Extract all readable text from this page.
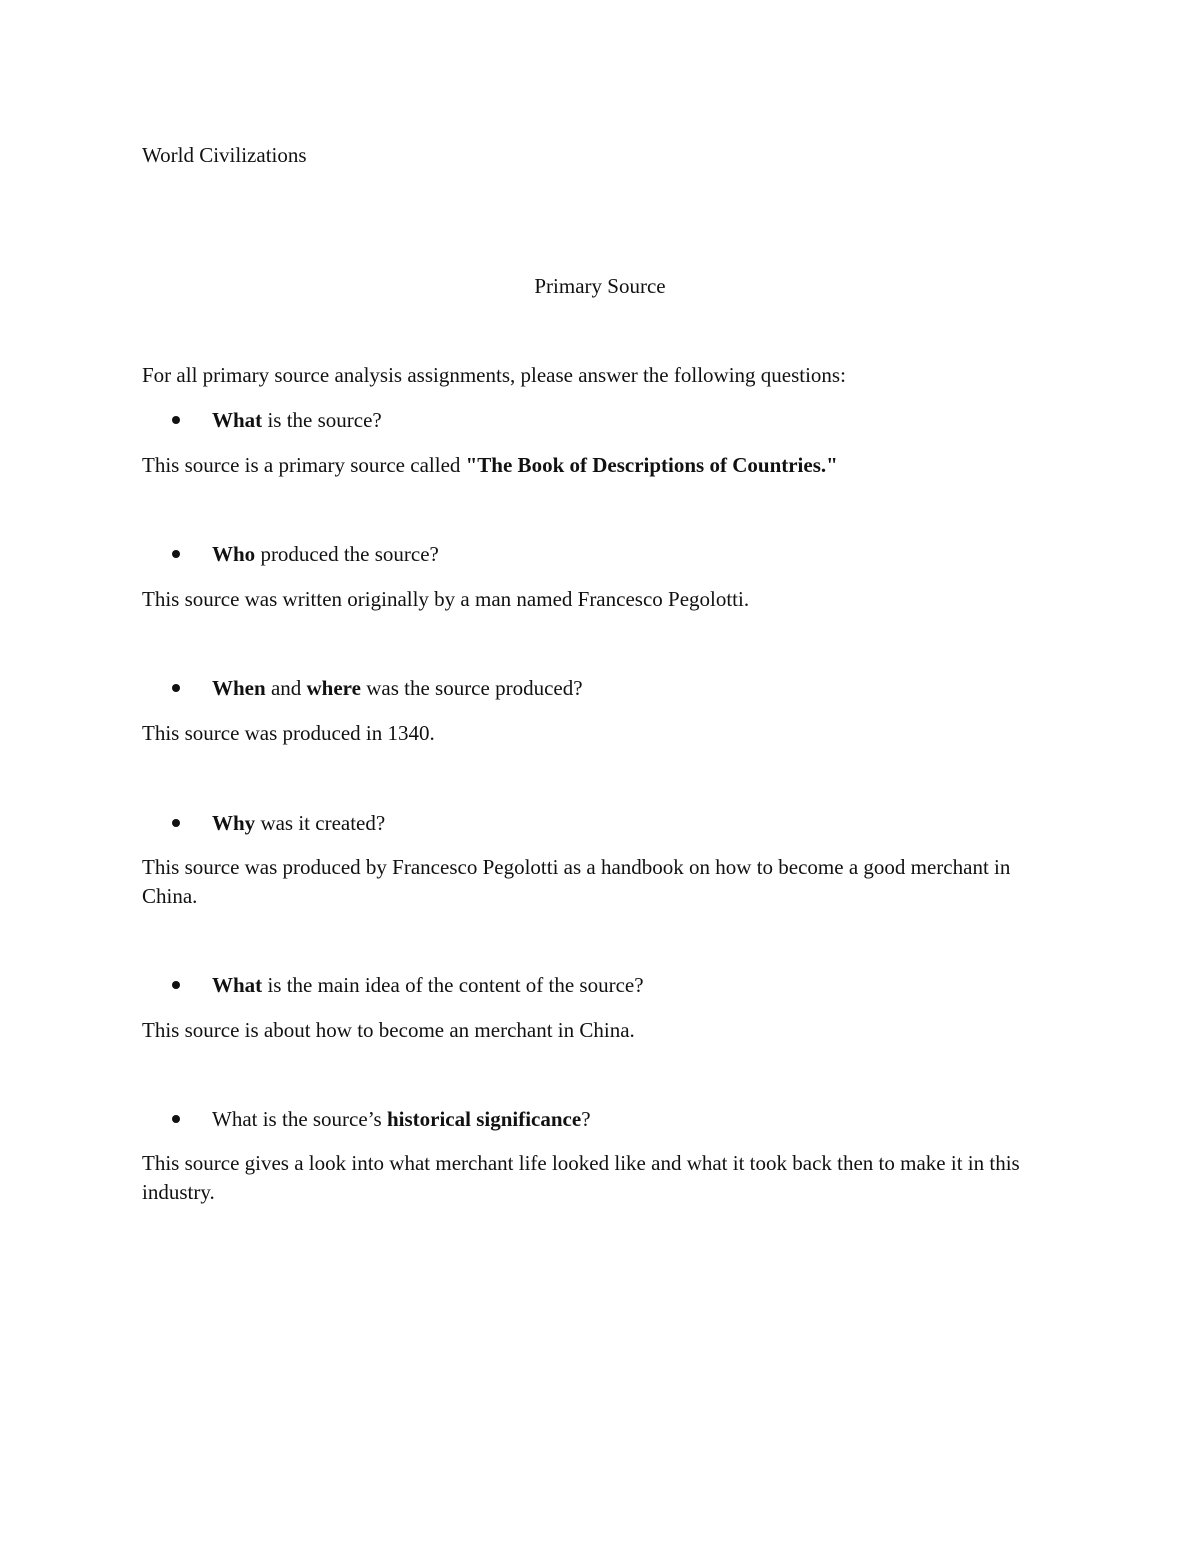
World Civilizations
Primary Source
For all primary source analysis assignments, please answer the following questions:
What is the source?
This source is a primary source called "The Book of Descriptions of Countries."
Who produced the source?
This source was written originally by a man named Francesco Pegolotti.
When and where was the source produced?
This source was produced in 1340.
Why was it created?
This source was produced by Francesco Pegolotti as a handbook on how to become a good merchant in China.
What is the main idea of the content of the source?
This source is about how to become an merchant in China.
What is the source’s historical significance?
This source gives a look into what merchant life looked like and what it took back then to make it in this industry.
